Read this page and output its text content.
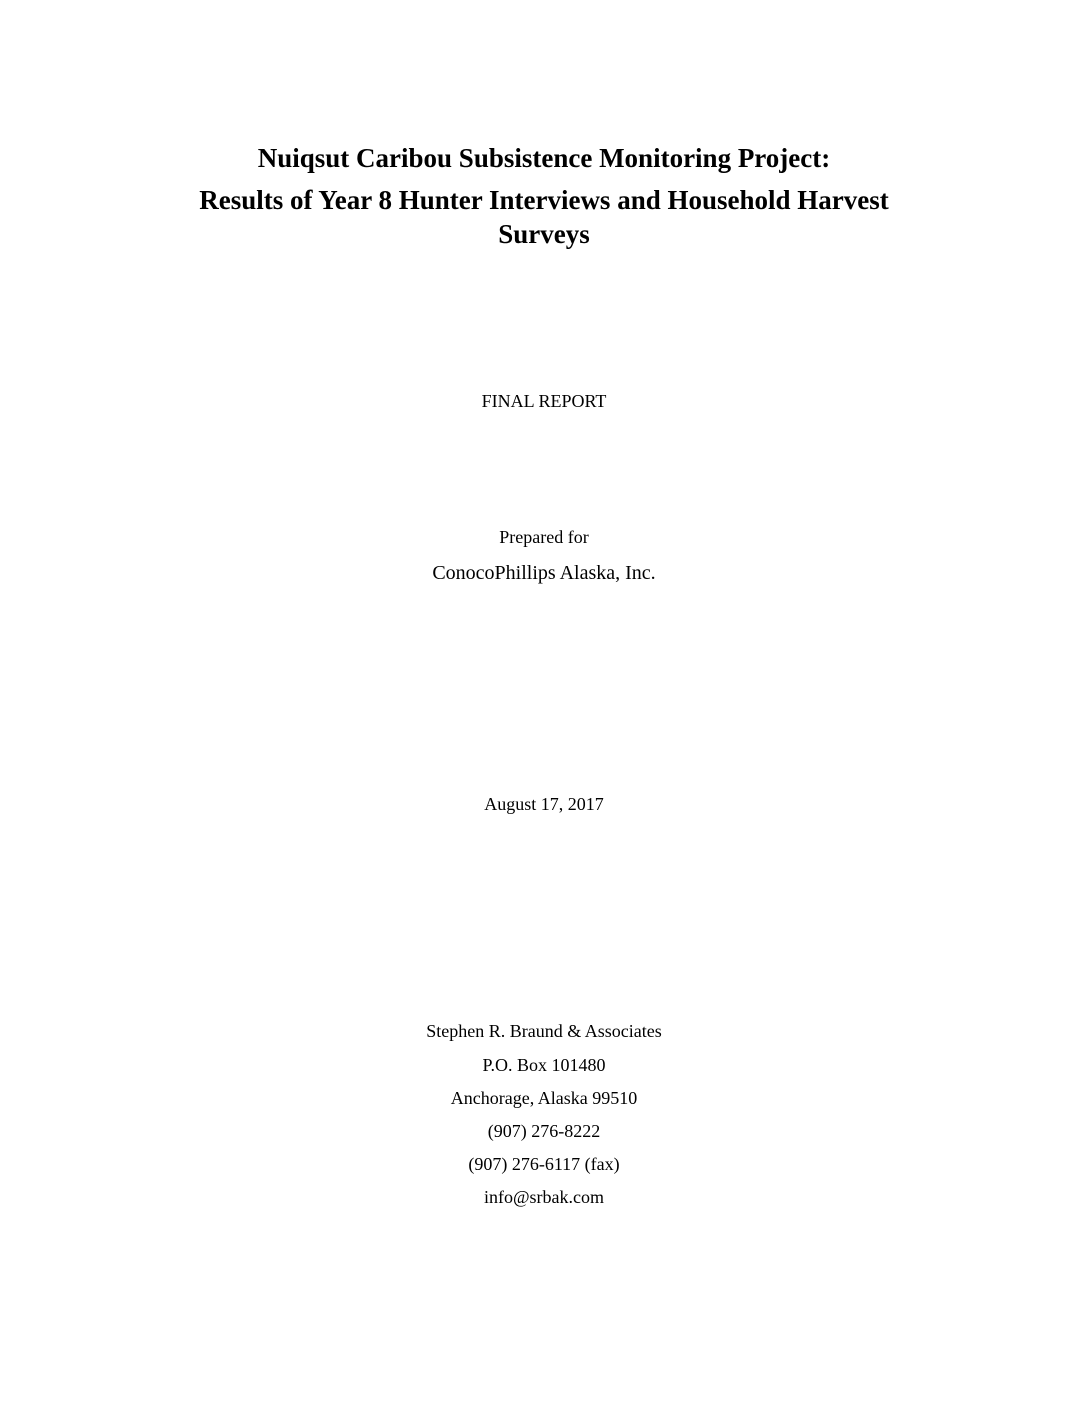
Nuiqsut Caribou Subsistence Monitoring Project:
Results of Year 8 Hunter Interviews and Household Harvest
Surveys
FINAL REPORT
Prepared for
ConocoPhillips Alaska, Inc.
August 17, 2017
Stephen R. Braund & Associates
P.O. Box 101480
Anchorage, Alaska 99510
(907) 276-8222
(907) 276-6117 (fax)
info@srbak.com
